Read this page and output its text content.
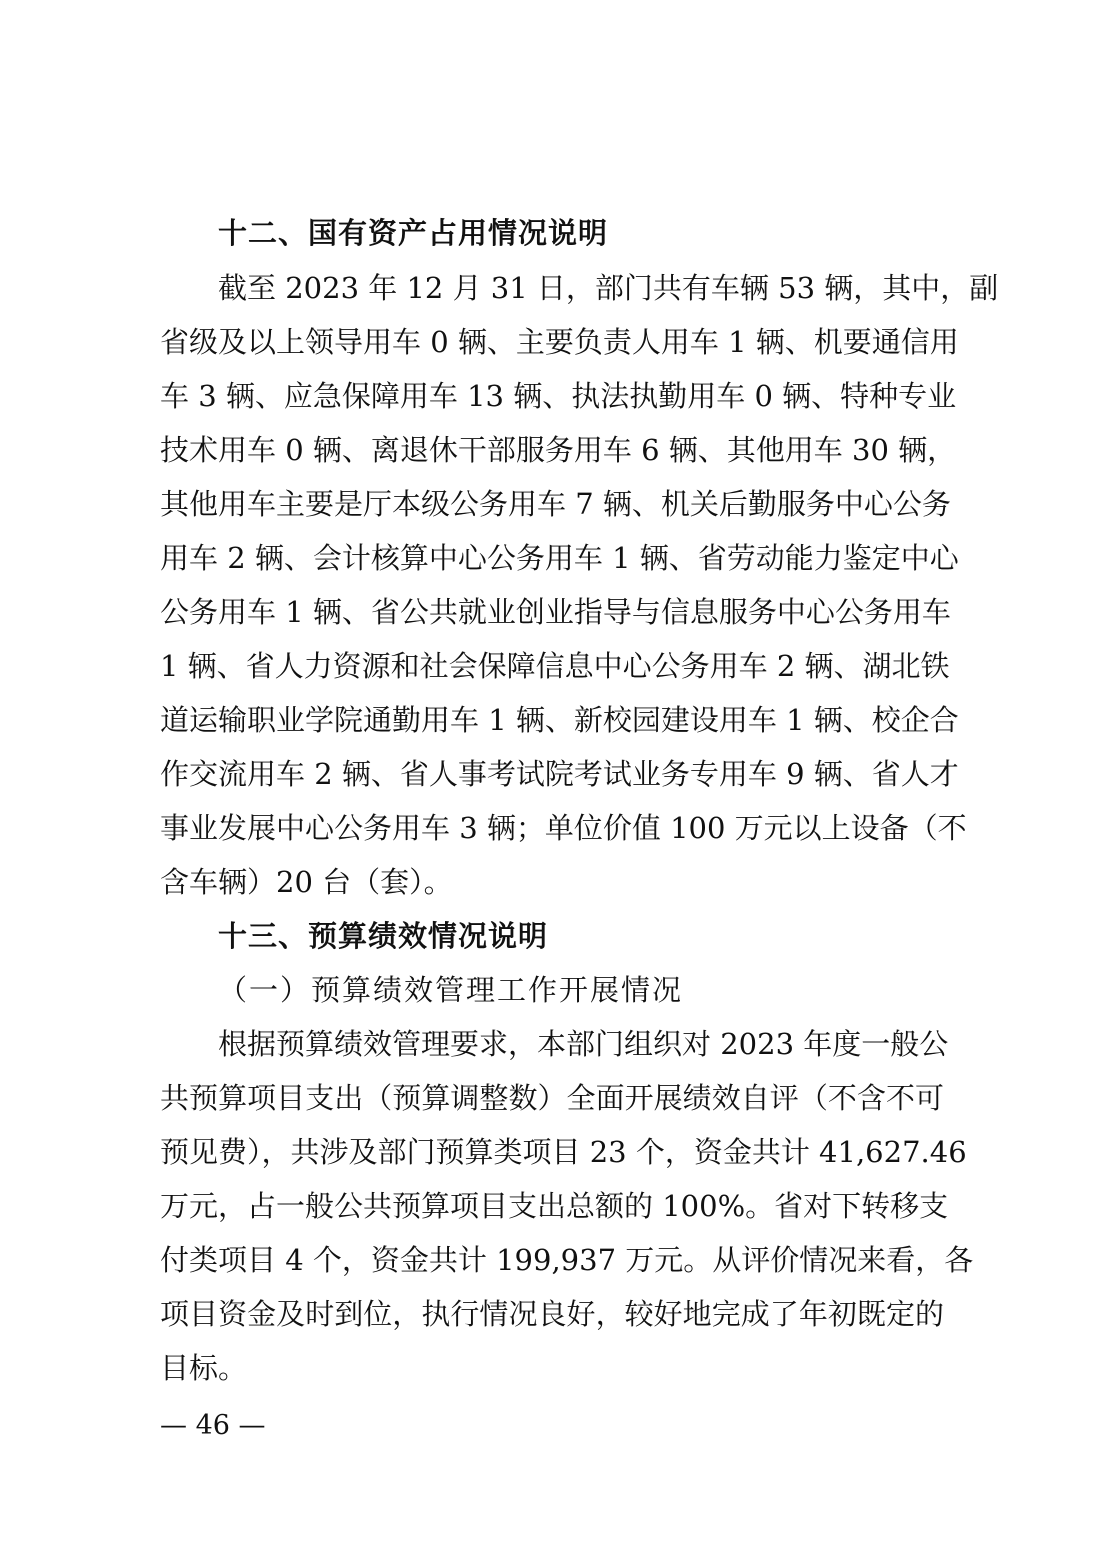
十二、国有资产占用情况说明
截至 2023 年 12 月 31 日，部门共有车辆 53 辆，其中，副
省级及以上领导用车 0 辆、主要负责人用车 1 辆、机要通信用
车 3 辆、应急保障用车 13 辆、执法执勤用车 0 辆、特种专业
技术用车 0 辆、离退休干部服务用车 6 辆、其他用车 30 辆，
其他用车主要是厅本级公务用车 7 辆、机关后勤服务中心公务
用车 2 辆、会计核算中心公务用车 1 辆、省劳动能力鉴定中心
公务用车 1 辆、省公共就业创业指导与信息服务中心公务用车
1 辆、省人力资源和社会保障信息中心公务用车 2 辆、湖北铁
道运输职业学院通勤用车 1 辆、新校园建设用车 1 辆、校企合
作交流用车 2 辆、省人事考试院考试业务专用车 9 辆、省人才
事业发展中心公务用车 3 辆；单位价值 100 万元以上设备（不
含车辆）20 台（套）。
十三、预算绩效情况说明
（一）预算绩效管理工作开展情况
根据预算绩效管理要求，本部门组织对 2023 年度一般公
共预算项目支出（预算调整数）全面开展绩效自评（不含不可
预见费），共涉及部门预算类项目 23 个，资金共计 41,627.46
万元，占一般公共预算项目支出总额的 100%。省对下转移支
付类项目 4 个，资金共计 199,937 万元。从评价情况来看，各
项目资金及时到位，执行情况良好，较好地完成了年初既定的
目标。
— 46 —
